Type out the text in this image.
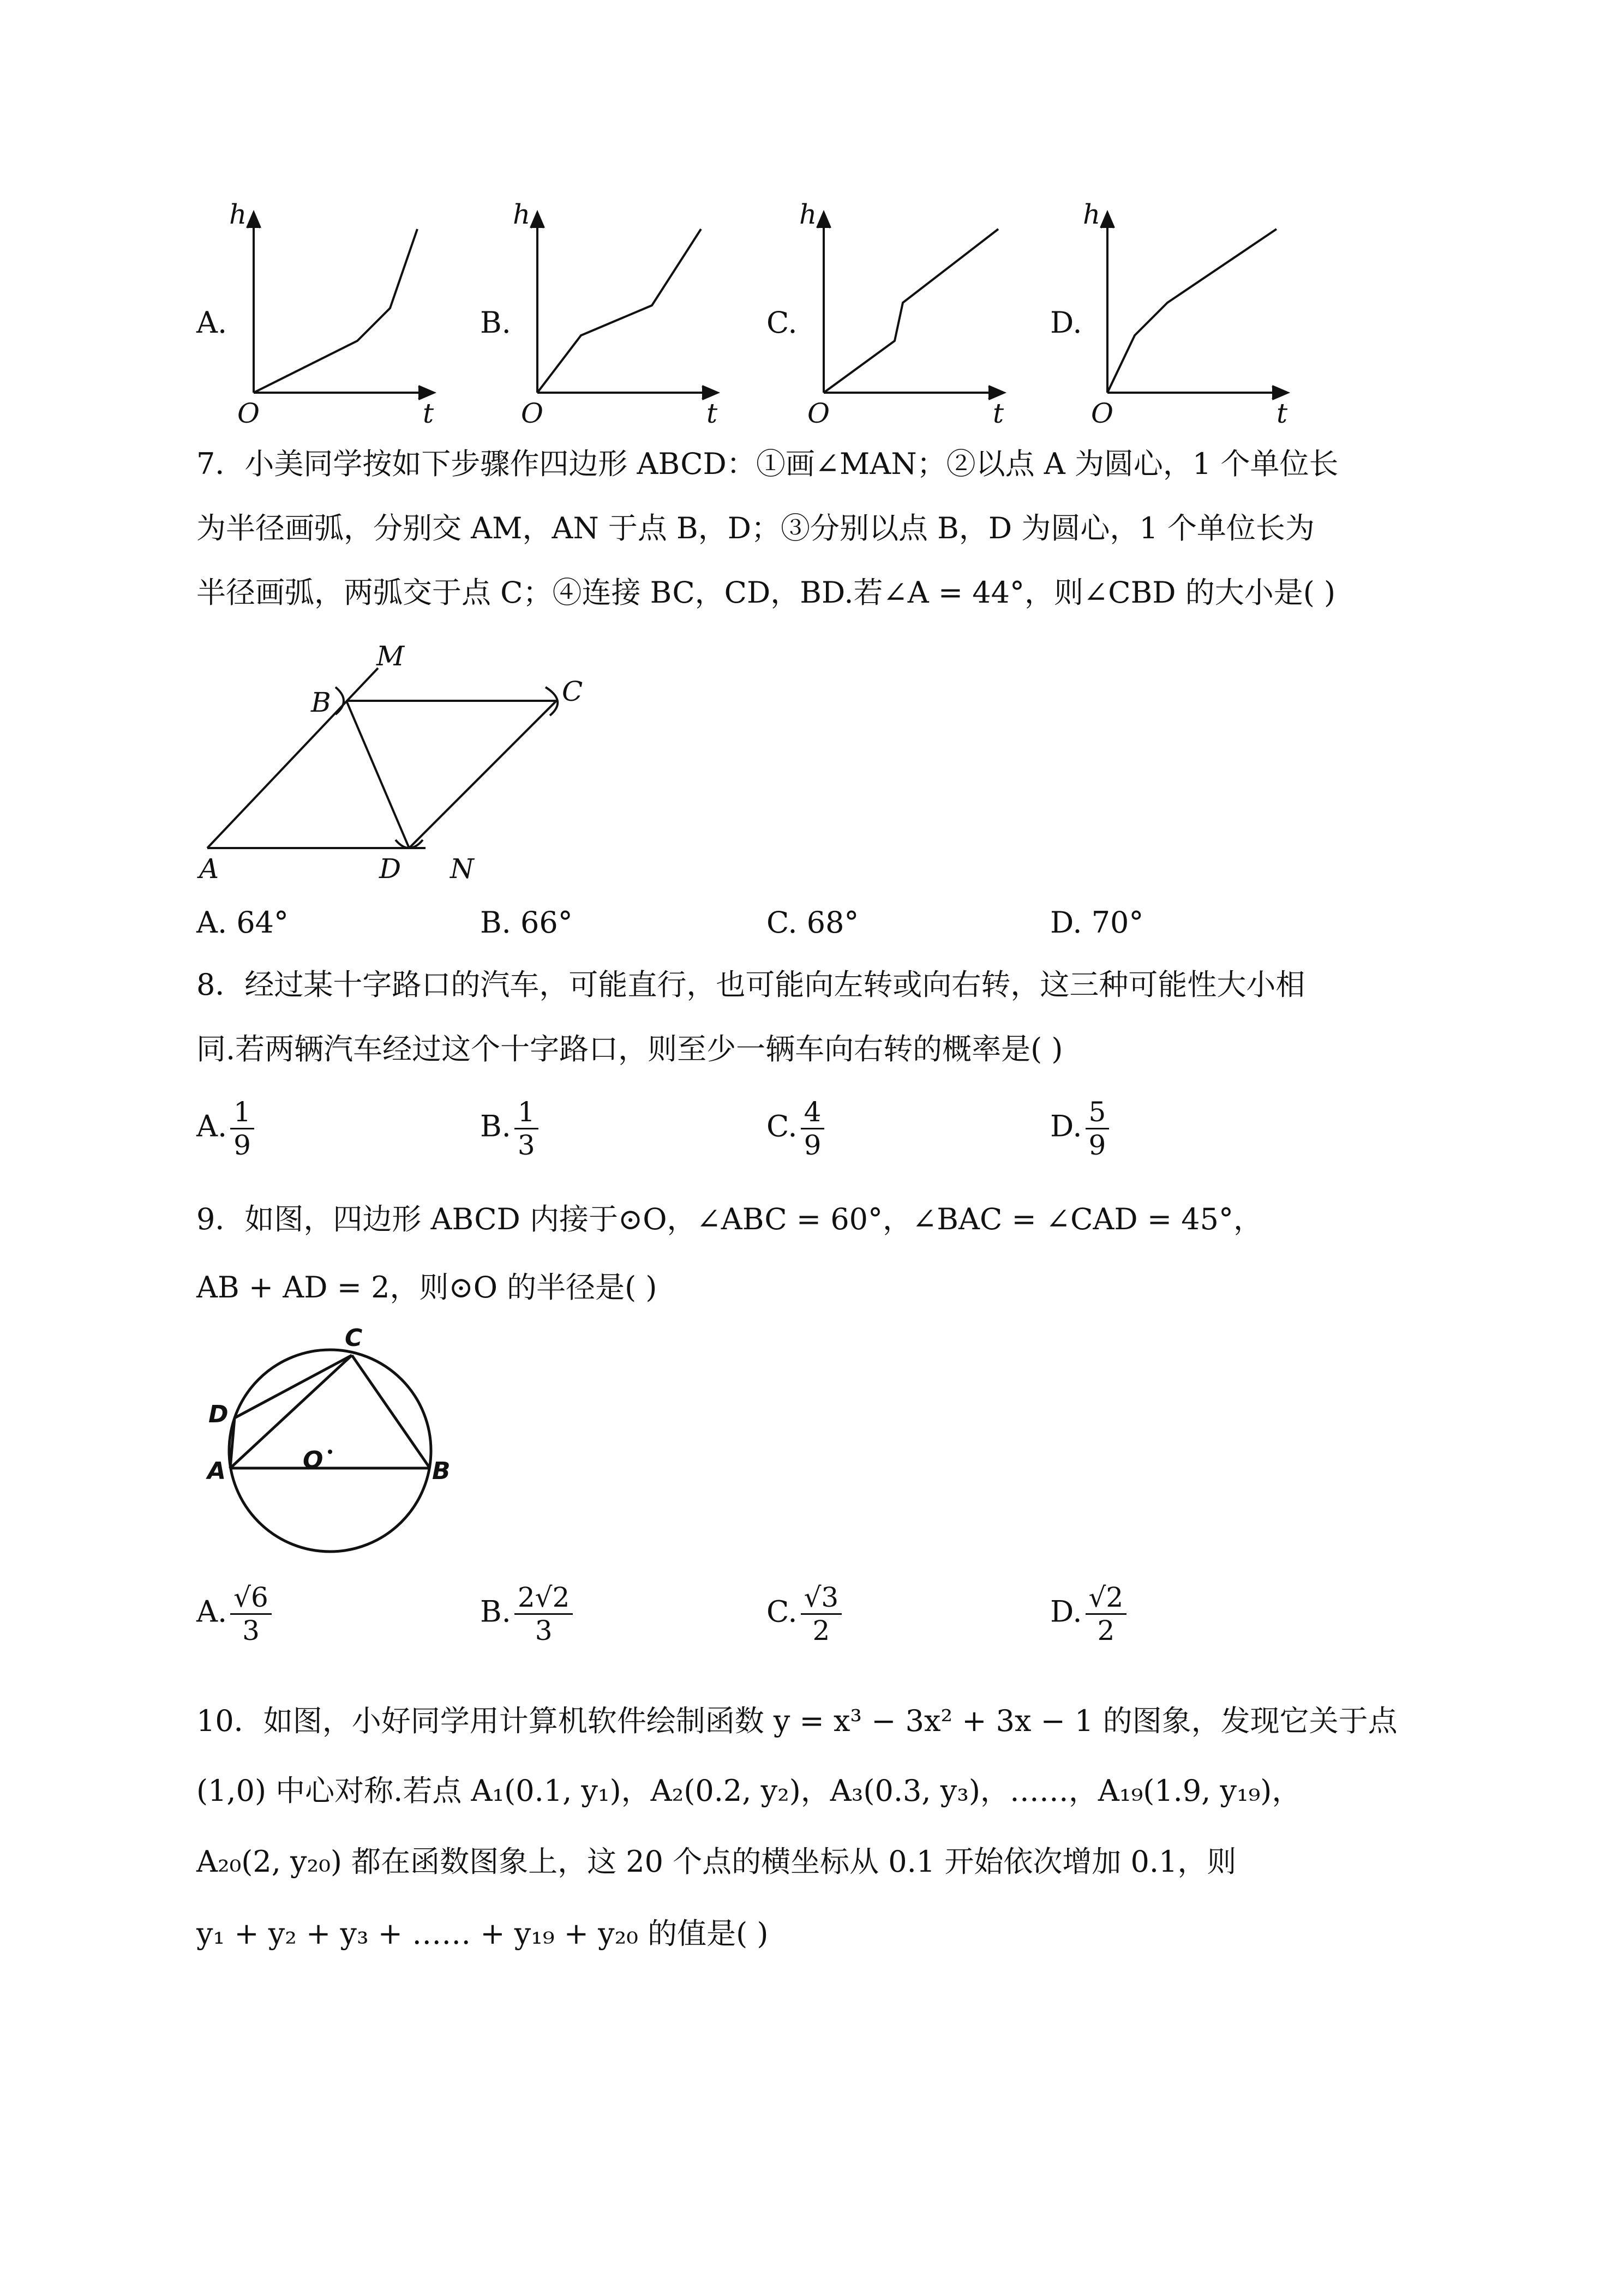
A.	B.	C.	D.
h
t
O
h
t
O
h
t
O
h
t
O
7．小美同学按如下步骤作四边形 ABCD：①画∠MAN；②以点 A 为圆心，1 个单位长
为半径画弧，分别交 AM，AN 于点 B，D；③分别以点 B，D 为圆心，1 个单位长为
半径画弧，两弧交于点 C；④连接 BC，CD，BD.若∠A = 44°，则∠CBD 的大小是( )
A
B	C
D
M
N
A. 64°	B. 66°	C. 68°	D. 70°
8．经过某十字路口的汽车，可能直行，也可能向左转或向右转，这三种可能性大小相
同.若两辆汽车经过这个十字路口，则至少一辆车向右转的概率是( )
A. $\frac{1}{9}$	B. $\frac{1}{3}$	C. $\frac{4}{9}$	D. $\frac{5}{9}$
9．如图，四边形 ABCD 内接于⊙O，∠ABC = 60°，∠BAC = ∠CAD = 45°，
AB + AD = 2，则⊙O 的半径是( )
A	B
C
D
O
A. $\frac{√6}{3}$	B. $\frac{2√2}{3}$	C. $\frac{√3}{2}$	D. $\frac{√2}{2}$
10．如图，小好同学用计算机软件绘制函数 y = x³ − 3x² + 3x − 1 的图象，发现它关于点
(1,0) 中心对称.若点 A₁(0.1, y₁)，A₂(0.2, y₂)，A₃(0.3, y₃)，……，A₁₉(1.9, y₁₉)，
A₂₀(2, y₂₀) 都在函数图象上，这 20 个点的横坐标从 0.1 开始依次增加 0.1，则
y₁ + y₂ + y₃ + …… + y₁₉ + y₂₀ 的值是( )
